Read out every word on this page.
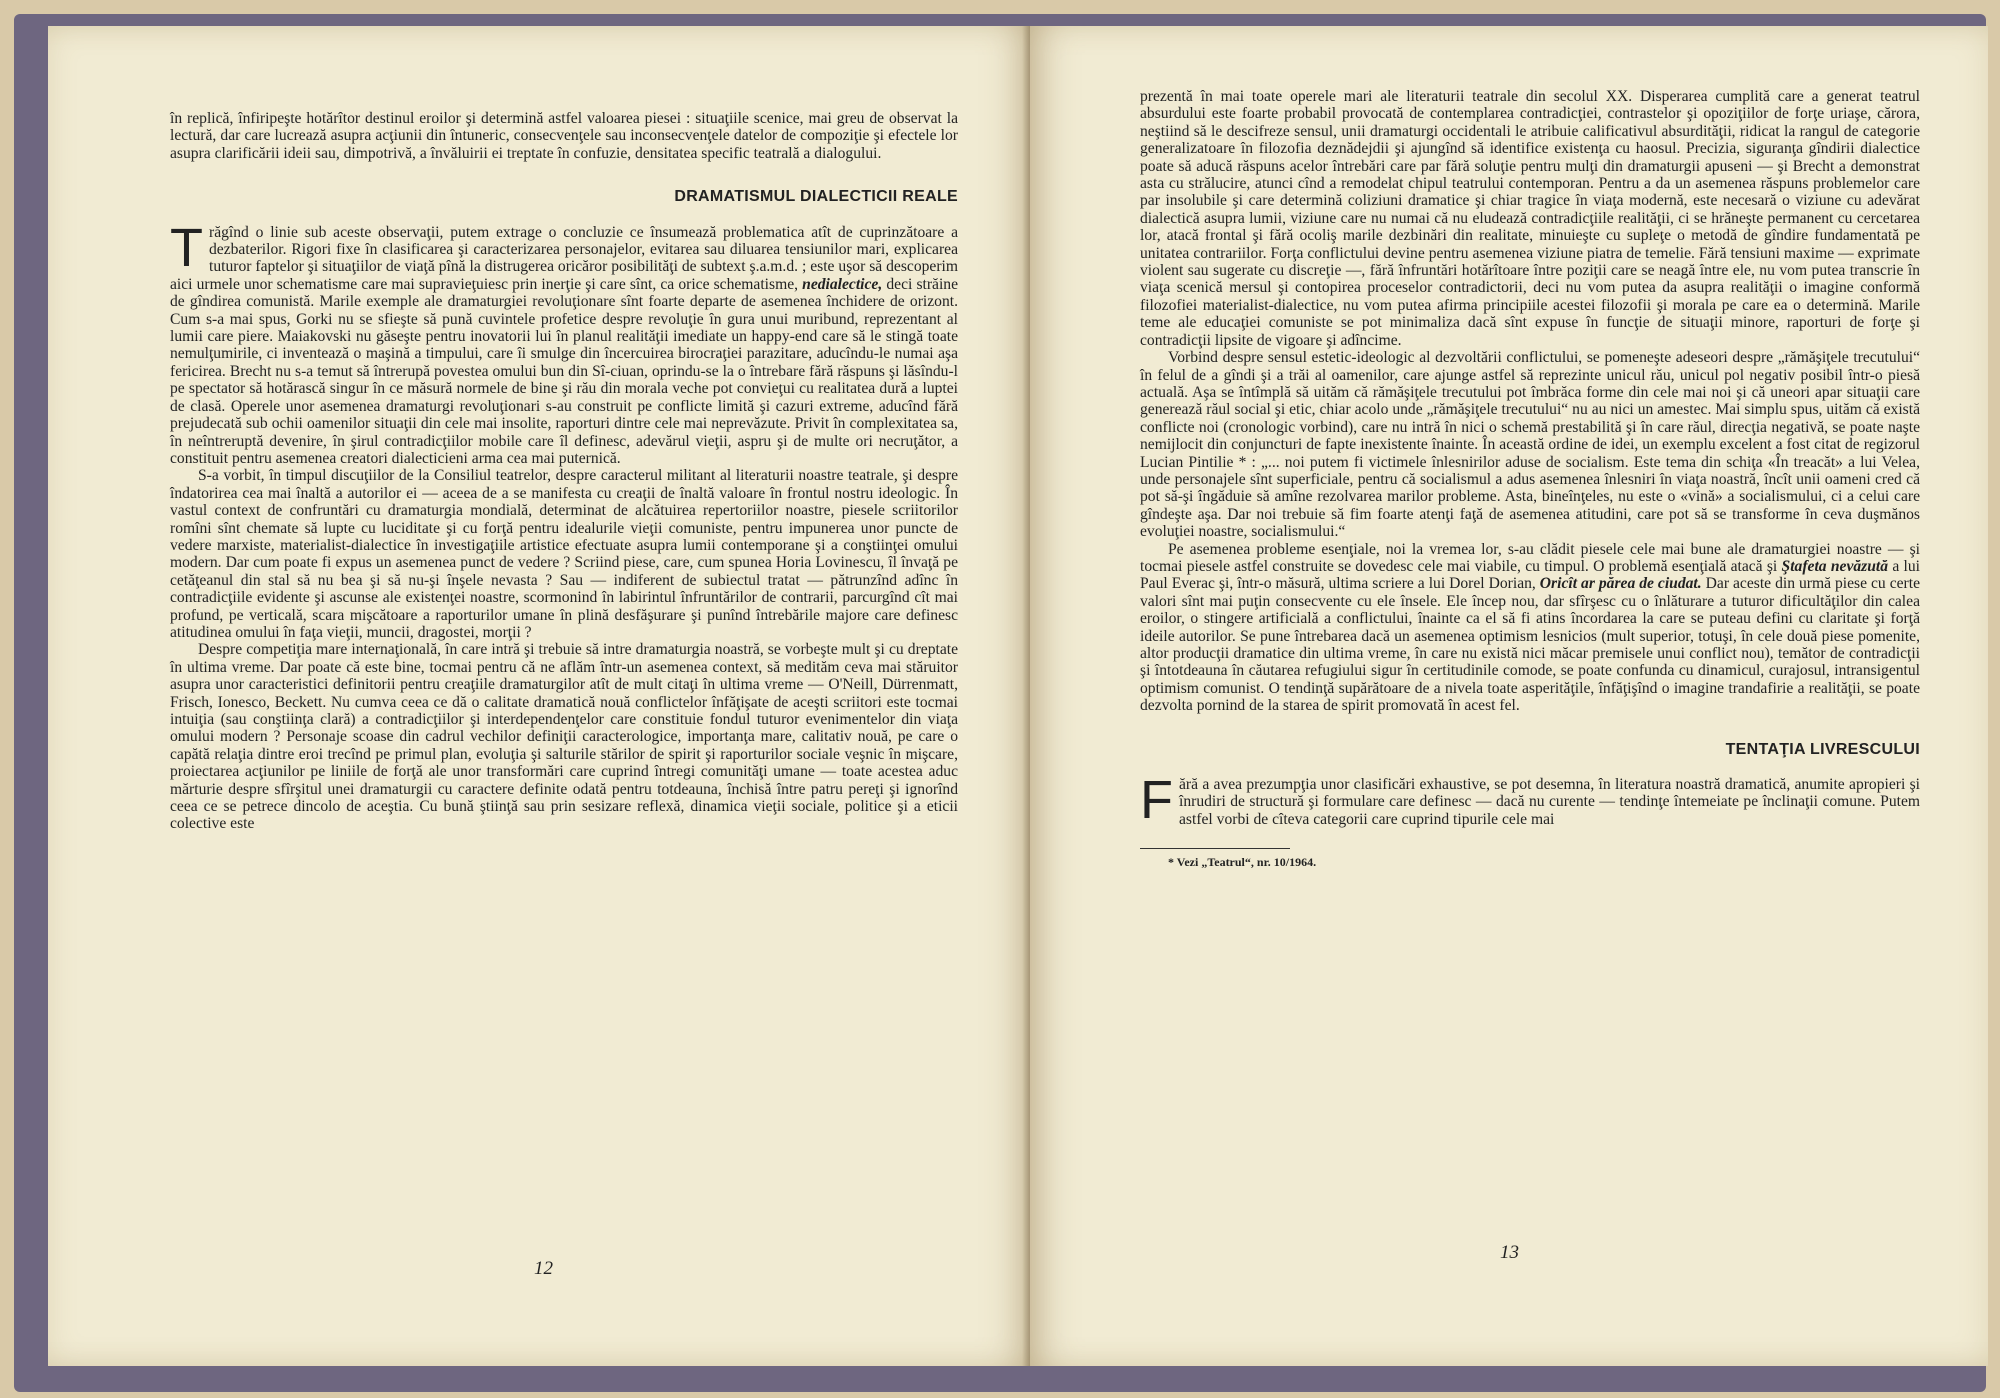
în replică, înfiripeşte hotărîtor destinul eroilor şi determină astfel valoarea piesei : situaţiile scenice, mai greu de observat la lectură, dar care lucrează asupra acţiunii din întuneric, consecvenţele sau inconsecvenţele datelor de compoziţie şi efectele lor asupra clarificării ideii sau, dimpotrivă, a învăluirii ei treptate în confuzie, densitatea specific teatrală a dialogului.

DRAMATISMUL DIALECTICII REALE

Trăgînd o linie sub aceste observaţii, putem extrage o concluzie ce însumează problematica atît de cuprinzătoare a dezbaterilor. Rigori fixe în clasificarea şi caracterizarea personajelor, evitarea sau diluarea tensiunilor mari, explicarea tuturor faptelor şi situaţiilor de viaţă pînă la distrugerea oricăror posibilităţi de subtext ş.a.m.d. ; este uşor să descoperim aici urmele unor schematisme care mai supravieţuiesc prin inerţie şi care sînt, ca orice schematisme, nedialectice, deci străine de gîndirea comunistă. Marile exemple ale dramaturgiei revoluţionare sînt foarte departe de asemenea închidere de orizont. Cum s-a mai spus, Gorki nu se sfieşte să pună cuvintele profetice despre revoluţie în gura unui muribund, reprezentant al lumii care piere. Maiakovski nu găseşte pentru inovatorii lui în planul realităţii imediate un happy-end care să le stingă toate nemulţumirile, ci inventează o maşină a timpului, care îi smulge din încercuirea birocraţiei parazitare, aducîndu-le numai aşa fericirea. Brecht nu s-a temut să întrerupă povestea omului bun din Sî-ciuan, oprindu-se la o întrebare fără răspuns şi lăsîndu-l pe spectator să hotărască singur în ce măsură normele de bine şi rău din morala veche pot convieţui cu realitatea dură a luptei de clasă. Operele unor asemenea dramaturgi revoluţionari s-au construit pe conflicte limită şi cazuri extreme, aducînd fără prejudecată sub ochii oamenilor situaţii din cele mai insolite, raporturi dintre cele mai neprevăzute. Privit în complexitatea sa, în neîntreruptă devenire, în şirul contradicţiilor mobile care îl definesc, adevărul vieţii, aspru şi de multe ori necruţător, a constituit pentru asemenea creatori dialecticieni arma cea mai puternică.

S-a vorbit, în timpul discuţiilor de la Consiliul teatrelor, despre caracterul militant al literaturii noastre teatrale, şi despre îndatorirea cea mai înaltă a autorilor ei — aceea de a se manifesta cu creaţii de înaltă valoare în frontul nostru ideologic. În vastul context de confruntări cu dramaturgia mondială, determinat de alcătuirea repertoriilor noastre, piesele scriitorilor romîni sînt chemate să lupte cu luciditate şi cu forţă pentru idealurile vieţii comuniste, pentru impunerea unor puncte de vedere marxiste, materialist-dialectice în investigaţiile artistice efectuate asupra lumii contemporane şi a conştiinţei omului modern. Dar cum poate fi expus un asemenea punct de vedere ? Scriind piese, care, cum spunea Horia Lovinescu, îl învaţă pe cetăţeanul din stal să nu bea şi să nu-şi înşele nevasta ? Sau — indiferent de subiectul tratat — pătrunzînd adînc în contradicţiile evidente şi ascunse ale existenţei noastre, scormonind în labirintul înfruntărilor de contrarii, parcurgînd cît mai profund, pe verticală, scara mişcătoare a raporturilor umane în plină desfăşurare şi punînd întrebările majore care definesc atitudinea omului în faţa vieţii, muncii, dragostei, morţii ?

Despre competiţia mare internaţională, în care intră şi trebuie să intre dramaturgia noastră, se vorbeşte mult şi cu dreptate în ultima vreme. Dar poate că este bine, tocmai pentru că ne aflăm într-un asemenea context, să medităm ceva mai stăruitor asupra unor caracteristici definitorii pentru creaţiile dramaturgilor atît de mult citaţi în ultima vreme — O'Neill, Dürrenmatt, Frisch, Ionesco, Beckett. Nu cumva ceea ce dă o calitate dramatică nouă conflictelor înfăţişate de aceşti scriitori este tocmai intuiţia (sau conştiinţa clară) a contradicţiilor şi interdependenţelor care constituie fondul tuturor evenimentelor din viaţa omului modern ? Personaje scoase din cadrul vechilor definiţii caracterologice, importanţa mare, calitativ nouă, pe care o capătă relaţia dintre eroi trecînd pe primul plan, evoluţia şi salturile stărilor de spirit şi raporturilor sociale veşnic în mişcare, proiectarea acţiunilor pe liniile de forţă ale unor transformări care cuprind întregi comunităţi umane — toate acestea aduc mărturie despre sfîrşitul unei dramaturgii cu caractere definite odată pentru totdeauna, închisă între patru pereţi şi ignorînd ceea ce se petrece dincolo de aceştia. Cu bună ştiinţă sau prin sesizare reflexă, dinamica vieţii sociale, politice şi a eticii colective este

12

prezentă în mai toate operele mari ale literaturii teatrale din secolul XX. Disperarea cumplită care a generat teatrul absurdului este foarte probabil provocată de contemplarea contradicţiei, contrastelor şi opoziţiilor de forţe uriaşe, cărora, neştiind să le descifreze sensul, unii dramaturgi occidentali le atribuie calificativul absurdităţii, ridicat la rangul de categorie generalizatoare în filozofia deznădejdii şi ajungînd să identifice existenţa cu haosul. Precizia, siguranţa gîndirii dialectice poate să aducă răspuns acelor întrebări care par fără soluţie pentru mulţi din dramaturgii apuseni — şi Brecht a demonstrat asta cu strălucire, atunci cînd a remodelat chipul teatrului contemporan. Pentru a da un asemenea răspuns problemelor care par insolubile şi care determină coliziuni dramatice şi chiar tragice în viaţa modernă, este necesară o viziune cu adevărat dialectică asupra lumii, viziune care nu numai că nu eludează contradicţiile realităţii, ci se hrăneşte permanent cu cercetarea lor, atacă frontal şi fără ocoliş marile dezbinări din realitate, minuieşte cu supleţe o metodă de gîndire fundamentată pe unitatea contrariilor. Forţa conflictului devine pentru asemenea viziune piatra de temelie. Fără tensiuni maxime — exprimate violent sau sugerate cu discreţie —, fără înfruntări hotărîtoare între poziţii care se neagă între ele, nu vom putea transcrie în viaţa scenică mersul şi contopirea proceselor contradictorii, deci nu vom putea da asupra realităţii o imagine conformă filozofiei materialist-dialectice, nu vom putea afirma principiile acestei filozofii şi morala pe care ea o determină. Marile teme ale educaţiei comuniste se pot minimaliza dacă sînt expuse în funcţie de situaţii minore, raporturi de forţe şi contradicţii lipsite de vigoare şi adîncime.

Vorbind despre sensul estetic-ideologic al dezvoltării conflictului, se pomeneşte adeseori despre „rămăşiţele trecutului“ în felul de a gîndi şi a trăi al oamenilor, care ajunge astfel să reprezinte unicul rău, unicul pol negativ posibil într-o piesă actuală. Aşa se întîmplă să uităm că rămăşiţele trecutului pot îmbrăca forme din cele mai noi şi că uneori apar situaţii care generează răul social şi etic, chiar acolo unde „rămăşiţele trecutului“ nu au nici un amestec. Mai simplu spus, uităm că există conflicte noi (cronologic vorbind), care nu intră în nici o schemă prestabilită şi în care răul, direcţia negativă, se poate naşte nemijlocit din conjuncturi de fapte inexistente înainte. În această ordine de idei, un exemplu excelent a fost citat de regizorul Lucian Pintilie * : „... noi putem fi victimele înlesnirilor aduse de socialism. Este tema din schiţa «În treacăt» a lui Velea, unde personajele sînt superficiale, pentru că socialismul a adus asemenea înlesniri în viaţa noastră, încît unii oameni cred că pot să-şi îngăduie să amîne rezolvarea marilor probleme. Asta, bineînţeles, nu este o «vină» a socialismului, ci a celui care gîndeşte aşa. Dar noi trebuie să fim foarte atenţi faţă de asemenea atitudini, care pot să se transforme în ceva duşmănos evoluţiei noastre, socialismului.“

Pe asemenea probleme esenţiale, noi la vremea lor, s-au clădit piesele cele mai bune ale dramaturgiei noastre — şi tocmai piesele astfel construite se dovedesc cele mai viabile, cu timpul. O problemă esenţială atacă şi Ştafeta nevăzută a lui Paul Everac şi, într-o măsură, ultima scriere a lui Dorel Dorian, Oricît ar părea de ciudat. Dar aceste din urmă piese cu certe valori sînt mai puţin consecvente cu ele însele. Ele încep nou, dar sfîrşesc cu o înlăturare a tuturor dificultăţilor din calea eroilor, o stingere artificială a conflictului, înainte ca el să fi atins încordarea la care se puteau defini cu claritate şi forţă ideile autorilor. Se pune întrebarea dacă un asemenea optimism lesnicios (mult superior, totuşi, în cele două piese pomenite, altor producţii dramatice din ultima vreme, în care nu există nici măcar premisele unui conflict nou), temător de contradicţii şi întotdeauna în căutarea refugiului sigur în certitudinile comode, se poate confunda cu dinamicul, curajosul, intransigentul optimism comunist. O tendinţă supărătoare de a nivela toate asperităţile, înfăţişînd o imagine trandafirie a realităţii, se poate dezvolta pornind de la starea de spirit promovată în acest fel.

TENTAŢIA LIVRESCULUI

Fără a avea prezumpţia unor clasificări exhaustive, se pot desemna, în literatura noastră dramatică, anumite apropieri şi înrudiri de structură şi formulare care definesc — dacă nu curente — tendinţe întemeiate pe înclinaţii comune. Putem astfel vorbi de cîteva categorii care cuprind tipurile cele mai

* Vezi „Teatrul“, nr. 10/1964.

13
